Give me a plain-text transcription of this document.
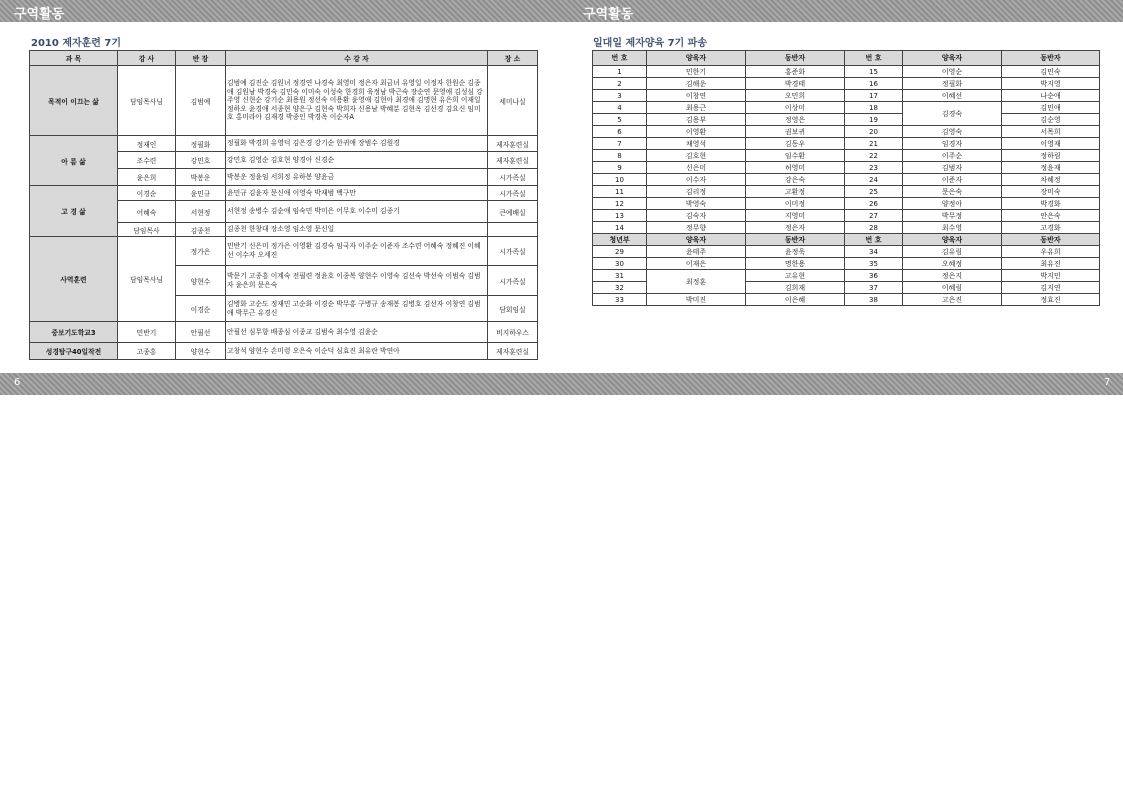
구역활동	구역활동
2010 제자훈련 7기	일대일 제자양육 7기 파송
과 목	강 사	반 장	수 강 자	장 소
목적이 이끄는 삶	담임목사님	김범예	김범예 김진순 김원녀 정경연 나경숙 최영미 정은자 최금녀 유영일 이정자 한원순 김종애 김원남 박경숙 김민숙 이미숙 이성숙 한경희 육정남 박근숙 장순연 문영애 김성심 강주영 신현순 강기순 최용원 정선숙 이용환 윤영애 김현아 최경애 김명현 유은희 이재일 정하오 윤경애 서종현 양은구 김현숙 박희자 신용남 박혜분 김현옥 김선경 김요신 임미호 홍미라아 김재경 박종인 박경옥 이순자A	세미나실
아 름 삶	정재인	정필화	정필화 박경희 유영덕 김은경 강기순 한귀애 장범수 김원경	제자훈련실
	조수련	강민호	강민호 김영순 김호현 양경아 신경순	제자훈련실
	윤은희	박봉운	박봉운 정윤임 서희정 유하봉 양윤금	시가족실
고 경 삶	이경순	윤민규	윤민규 김윤자 문신애 이영숙 박재범 백구만	시가족실
	어혜숙	서현정	서현정 송병수 김순애 임숙민 박미은 어무호 이수미 김종기	큰예배실
	담임목사	김종천	김종천 한창대 장소영 임소영 문신일	
사역훈련	담임목사님	정가은	민반기 신은미 정가은 이영환 김경숙 임국자 이주순 이준자 조수련 어혜숙 정혜진 이혜선 이수자 오세진	시가족실
		양현수	박문기 고종흥 이계숙 전필련 정윤호 이종복 양현수 이영숙 김선숙 박선숙 이범숙 김범자 윤은희 문은숙	시가족실
		이경순	김병화 고순도 정재민 고순화 이경순 박무홍 구병규 송재봉 김병호 김선자 이창연 김범애 박무근 유경신	담회임실
중보기도학교3	민반기	안필선	안필선 심무향 배종심 이종교 김범숙 최수영 김윤순	비지하우스
성경탐구40일작전	고종흥	양현수	고창석 양현수 손미령 오은숙 이순덕 심효진 최유란 박연아	제자훈련실
번 호	양육자	동반자	번 호	양육자	동반자
1	민한기	홍준화	15	이영순	김민숙
2	김해운	박경태	16	정필화	박지영
3	이창연	오민희	17	이혜선	나순애
4	최용근	이상미	18	김경숙	김민애
5	김용부	정영은	19		김순영
6	이영환	권보귀	20	김영숙	서목희
7	채영석	김동우	21	임경자	이영재
8	김호현	임수환	22	이주순	정하림
9	신은미	허영미	23	김범자	정윤재
10	이수자	강은숙	24	이준자	차혜정
11	김리정	고환정	25	문은숙	장미숙
12	박영숙	이미정	26	양정아	박경화
13	김숙자	지영미	27	박무정	안은숙
14	정무향	정은자	28	최수영	고경화
청년부	양육자	동반자	번 호	양육자	동반자
29	윤태주	윤정욱	34	김유림	우유희
30	이재은	명한용	35	오혜정	최유진
31	최정훈	고유현	36	정은지	박지민
32		김희재	37	이혜림	김지연
33	박미진	이은혜	38	고은진	정효진
6	7
